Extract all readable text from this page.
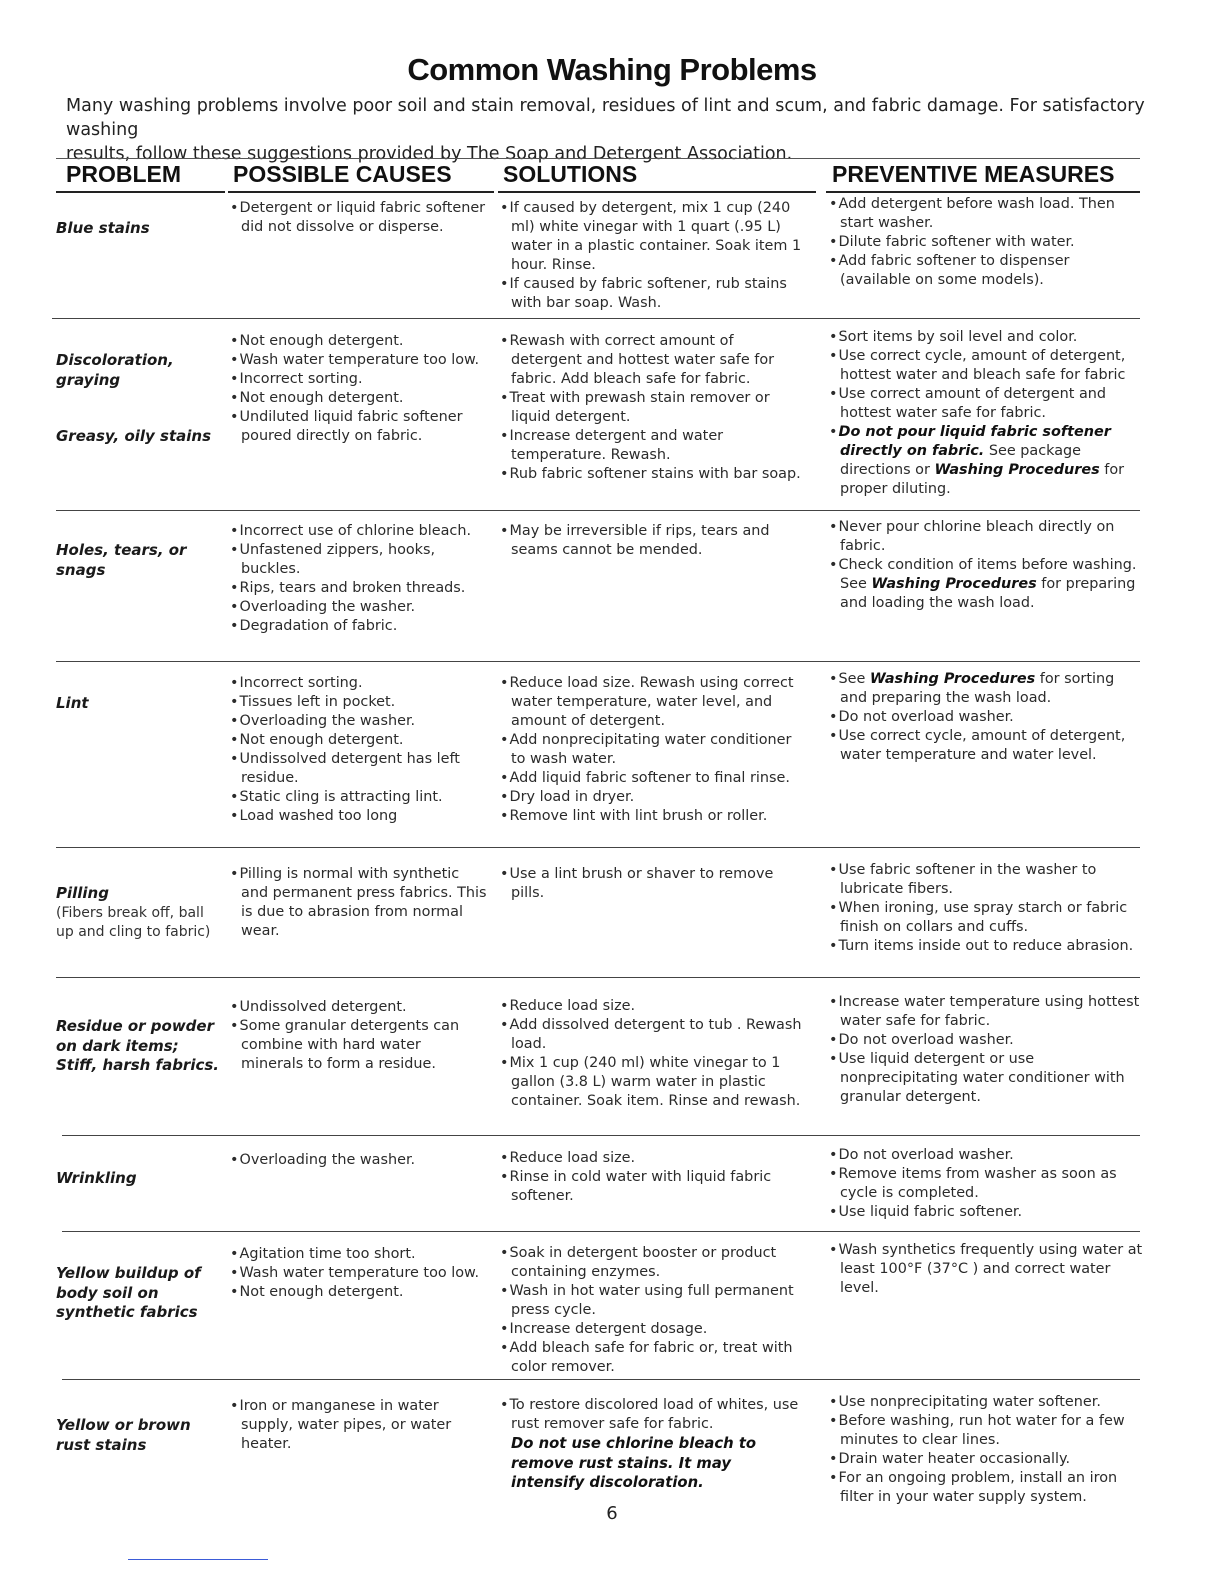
Common Washing Problems

Many washing problems involve poor soil and stain removal, residues of lint and scum, and fabric damage. For satisfactory washing

results, follow these suggestions provided by The Soap and Detergent Association.

PROBLEM POSSIBLE CAUSES SOLUTIONS	PREVENTIVE MEASURES
Blue stains
• Detergent or liquid fabric softener did not dissolve or disperse.
• If caused by detergent, mix 1 cup (240 ml) white vinegar with 1 quart (.95 L) water in a plastic container. Soak item 1 hour. Rinse.
• If caused by fabric softener, rub stains with bar soap. Wash.
• Add detergent before wash load. Then start washer.
• Dilute fabric softener with water.
• Add fabric softener to dispenser (available on some models).
Discoloration,
graying
Greasy, oily stains
• Not enough detergent.
• Wash water temperature too low.
• Incorrect sorting.
• Not enough detergent.
• Undiluted liquid fabric softener poured directly on fabric.
• Rewash with correct amount of detergent and hottest water safe for fabric. Add bleach safe for fabric.
• Treat with prewash stain remover or liquid detergent.
• Increase detergent and water temperature. Rewash.
• Rub fabric softener stains with bar soap.
• Sort items by soil level and color.
• Use correct cycle, amount of detergent, hottest water and bleach safe for fabric
• Use correct amount of detergent and hottest water safe for fabric.
• Do not pour liquid fabric softener directly on fabric. See package directions or Washing Procedures for proper diluting.
Holes, tears, or snags
• Incorrect use of chlorine bleach.
• Unfastened zippers, hooks, buckles.
• Rips, tears and broken threads.
• Overloading the washer.
• Degradation of fabric.
• May be irreversible if rips, tears and seams cannot be mended.
• Never pour chlorine bleach directly on fabric.
• Check condition of items before washing.
See Washing Procedures for preparing and loading the wash load.
Lint
• Incorrect sorting.
• Tissues left in pocket.
• Overloading the washer.
• Not enough detergent.
• Undissolved detergent has left residue.
• Static cling is attracting lint.
• Load washed too long
• Reduce load size. Rewash using correct water temperature, water level, and amount of detergent.
• Add nonprecipitating water conditioner to wash water.
• Add liquid fabric softener to final rinse.
• Dry load in dryer.
• Remove lint with lint brush or roller.
• See Washing Procedures for sorting and preparing the wash load.
• Do not overload washer.
• Use correct cycle, amount of detergent, water temperature and water level.
Pilling
(Fibers break off, ball up and cling to fabric)
• Pilling is normal with synthetic and permanent press fabrics. This is due to abrasion from normal wear.
• Use a lint brush or shaver to remove pills.
• Use fabric softener in the washer to lubricate fibers.
• When ironing, use spray starch or fabric finish on collars and cuffs.
• Turn items inside out to reduce abrasion.
Residue or powder
on dark items;
Stiff, harsh fabrics.
• Undissolved detergent.
• Some granular detergents can combine with hard water minerals to form a residue.
• Reduce load size.
• Add dissolved detergent to tub . Rewash load.
• Mix 1 cup (240 ml) white vinegar to 1 gallon (3.8 L) warm water in plastic container. Soak item. Rinse and rewash.
• Increase water temperature using hottest water safe for fabric.
• Do not overload washer.
• Use liquid detergent or use nonprecipitating water conditioner with granular detergent.
Wrinkling
• Overloading the washer.
•	Reduce load size.
• Rinse in cold water with liquid fabric softener.
• Do not overload washer.
• Remove items from washer as soon as cycle is completed.
• Use liquid fabric softener.
Yellow buildup of
body soil on
synthetic fabrics
• Agitation time too short.
• Wash water temperature too low.
• Not enough detergent.
• Soak in detergent booster or product containing enzymes.
• Wash in hot water using full permanent press cycle.
• Increase detergent dosage.
• Add bleach safe for fabric or, treat with color remover.
• Wash synthetics frequently using water at least 100°F (37°C ) and correct water level.
Yellow or brown
rust stains
• Iron or manganese in water supply, water pipes, or water heater.
• To restore discolored load of whites, use rust remover safe for fabric.
Do not use chlorine bleach to remove rust stains. It may intensify discoloration.
• Use nonprecipitating water softener.
• Before washing, run hot water for a few minutes to clear lines.
• Drain water heater occasionally.
• For an ongoing problem, install an iron filter in your water supply system.
6
